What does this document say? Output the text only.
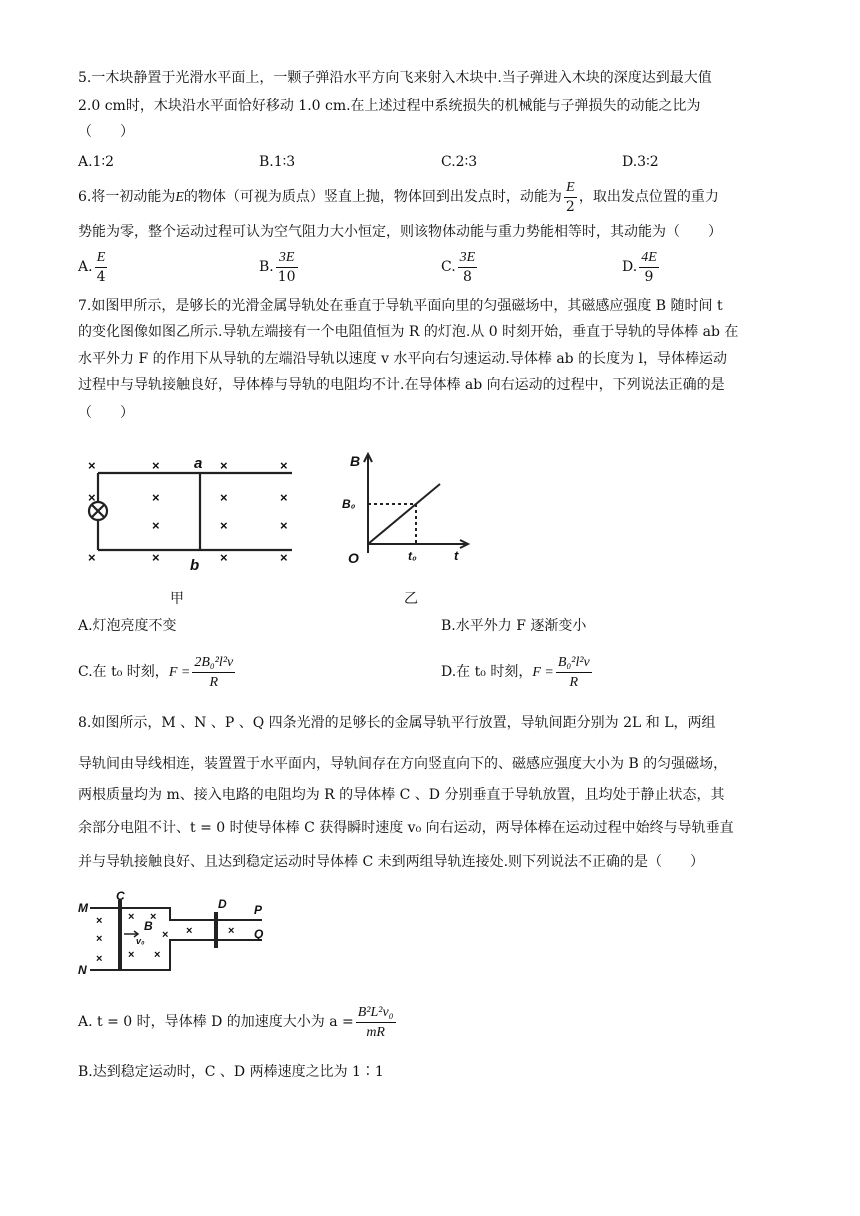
5.一木块静置于光滑水平面上，一颗子弹沿水平方向飞来射入木块中.当子弹进入木块的深度达到最大值
2.0 cm时，木块沿水平面恰好移动 1.0 cm.在上述过程中系统损失的机械能与子弹损失的动能之比为
（　　）
A.1∶2	B.1∶3	C.2∶3	D.3∶2
6.将一初动能为E的物体（可视为质点）竖直上抛，物体回到出发点时，动能为 $\frac{E}{2}$ ，取出发点位置的重力
势能为零，整个运动过程可认为空气阻力大小恒定，则该物体动能与重力势能相等时，其动能为（　　）
A. $\frac{E}{4}$	B. $\frac{3E}{10}$	C. $\frac{3E}{8}$	D. $\frac{4E}{9}$
7.如图甲所示，是够长的光滑金属导轨处在垂直于导轨平面向里的匀强磁场中，其磁感应强度 B 随时间 t
的变化图像如图乙所示.导轨左端接有一个电阻值恒为 R 的灯泡.从 0 时刻开始，垂直于导轨的导体棒 ab 在
水平外力 F 的作用下从导轨的左端沿导轨以速度 v 水平向右匀速运动.导体棒 ab 的长度为 l，导体棒运动
过程中与导轨接触良好，导体棒与导轨的电阻均不计.在导体棒 ab 向右运动的过程中，下列说法正确的是
（　　）
×	×	×	×
×	×	×	×
×	×	×
×	×	×	×
a
b
甲
B
B₀
O	t₀	t
乙
A.灯泡亮度不变	B.水平外力 F 逐渐变小
C.在 t₀ 时刻，$F = \frac{\text{2B₀²l²v}}{R}$	D.在 t₀ 时刻，$F = \frac{\text{B₀²l²v}}{R}$
8.如图所示，M 、N 、P 、Q 四条光滑的足够长的金属导轨平行放置，导轨间距分别为 2L 和 L，两组
导轨间由导线相连，装置置于水平面内，导轨间存在方向竖直向下的、磁感应强度大小为 B 的匀强磁场，
两根质量均为 m、接入电路的电阻均为 R 的导体棒 C 、D 分别垂直于导轨放置，且均处于静止状态，其
余部分电阻不计、t = 0 时使导体棒 C 获得瞬时速度 v₀ 向右运动，两导体棒在运动过程中始终与导轨垂直
并与导轨接触良好、且达到稳定运动时导体棒 C 未到两组导轨连接处.则下列说法不正确的是（　　）
×
×
×
× ×
×
× ×
×	×
M
N
P
Q
C
D
B
v₀
A. t = 0 时，导体棒 D 的加速度大小为 $a = \frac{\text{B²L²v₀}}{mR}$
B.达到稳定运动时，C 、D 两棒速度之比为 1∶1
